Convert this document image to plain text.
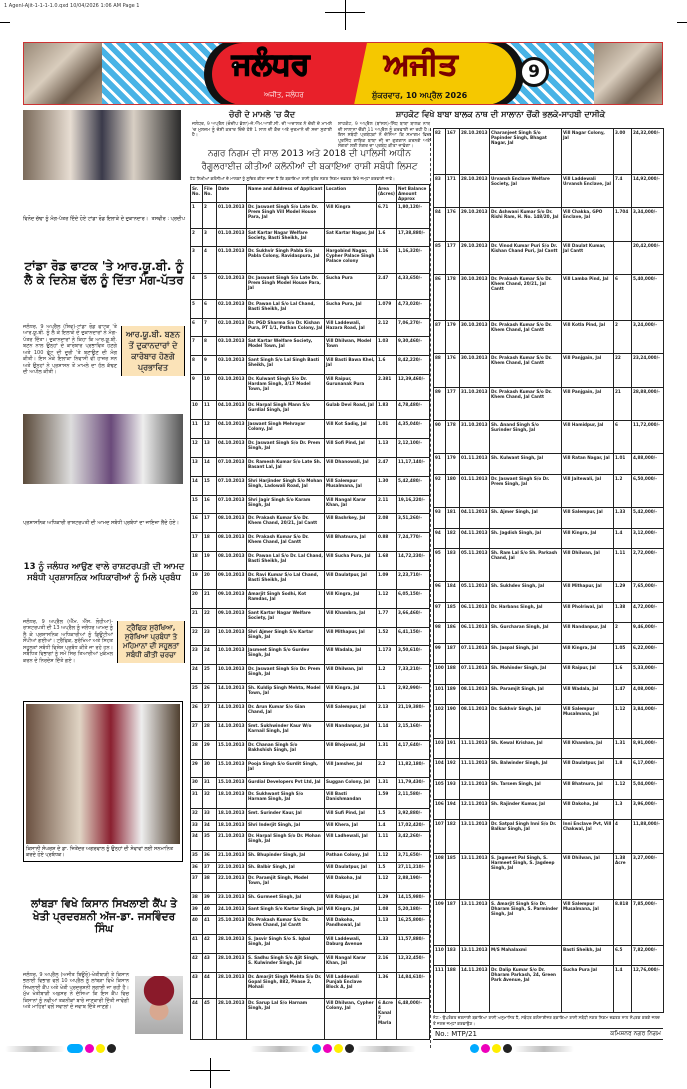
1 Agenl-Ajit-1-1-1-1.0.qxd 10/04/2026 1:06 AM Page 1
ਜਲੰਧਰ ਅਜੀਤ
ਅਜੀਤ, ਜਲੰਧਰ	ਸ਼ੁੱਕਰਵਾਰ, 10 ਅਪ੍ਰੈਲ 2026
9
ਵਿਨੋਦ ਚੱਢਾ ਨੂੰ ਮੰਗ-ਪੱਤਰ ਦਿੰਦੇ ਹੋਏ ਟਾਂਡਾ ਰੋਡ ਇਲਾਕੇ ਦੇ ਦੁਕਾਨਦਾਰ। ਤਸਵੀਰ : ਪ੍ਰਦੀਪ
ਟਾਂਡਾ ਰੋਡ ਫਾਟਕ 'ਤੇ ਆਰ.ਯੂ.ਬੀ. ਨੂੰ ਲੈ ਕੇ ਦਿਨੇਸ਼ ਢੱਲ ਨੂੰ ਦਿੱਤਾ ਮੰਗ-ਪੱਤਰ
ਆਰ.ਯੂ.ਬੀ. ਬਣਨ ਤੋਂ ਦੁਕਾਨਦਾਰਾਂ ਦੇ ਕਾਰੋਬਾਰ ਹੋਣਗੇ ਪ੍ਰਭਾਵਿਤ
ਜਲੰਧਰ, 9 ਅਪ੍ਰੈਲ (ਸ਼ਿਵ)-ਟਾਂਡਾ ਰੋਡ ਫਾਟਕ 'ਤੇ ਆਰ.ਯੂ.ਬੀ. ਨੂੰ ਲੈ ਕੇ ਇਲਾਕੇ ਦੇ ਦੁਕਾਨਦਾਰਾਂ ਨੇ ਮੰਗ-ਪੱਤਰ ਦਿੱਤਾ। ਦੁਕਾਨਦਾਰਾਂ ਨੇ ਕਿਹਾ ਕਿ ਆਰ.ਯੂ.ਬੀ. ਬਣਨ ਨਾਲ ਉਨ੍ਹਾਂ ਦੇ ਕਾਰੋਬਾਰ ਪ੍ਰਭਾਵਿਤ ਹੋਣਗੇ ਅਤੇ 100 ਫੁੱਟ ਦੀ ਦੂਰੀ 'ਤੇ ਬਣਾਉਣ ਦੀ ਮੰਗ ਕੀਤੀ। ਇਸ ਮੌਕੇ ਇਲਾਕਾ ਨਿਵਾਸੀ ਵੀ ਹਾਜ਼ਰ ਸਨ ਅਤੇ ਉਨ੍ਹਾਂ ਨੇ ਪ੍ਰਸ਼ਾਸਨ ਤੋਂ ਮਾਮਲੇ ਦਾ ਹੱਲ ਕੱਢਣ ਦੀ ਅਪੀਲ ਕੀਤੀ।
ਪ੍ਰਸ਼ਾਸਨਿਕ ਅਧਿਕਾਰੀ ਰਾਸ਼ਟਰਪਤੀ ਦੀ ਆਮਦ ਸਬੰਧੀ ਪ੍ਰਬੰਧਾਂ ਦਾ ਜਾਇਜ਼ਾ ਲੈਂਦੇ ਹੋਏ।
13 ਨੂੰ ਜਲੰਧਰ ਆਉਣ ਵਾਲੇ ਰਾਸ਼ਟਰਪਤੀ ਦੀ ਆਮਦ ਸਬੰਧੀ ਪ੍ਰਸ਼ਾਸਨਿਕ ਅਧਿਕਾਰੀਆਂ ਨੂੰ ਮਿਲੇ ਪ੍ਰਬੰਧ
ਟ੍ਰੈਫਿਕ ਸੁਰੱਖਿਆ, ਸੁਰੱਖਿਆ ਪ੍ਰਬੰਧਾਂ ਤੇ ਮਹਿਮਾਨਾਂ ਦੀ ਸਹੂਲਤਾਂ ਸਬੰਧੀ ਕੀਤੀ ਚਰਚਾ
ਜਲੰਧਰ, 9 ਅਪ੍ਰੈਲ (ਐੱਮ. ਐੱਸ. ਲੋਹੀਆ)-ਰਾਸ਼ਟਰਪਤੀ ਦੀ 13 ਅਪ੍ਰੈਲ ਨੂੰ ਜਲੰਧਰ ਆਮਦ ਨੂੰ ਲੈ ਕੇ ਪ੍ਰਸ਼ਾਸਨਿਕ ਅਧਿਕਾਰੀਆਂ ਨੂੰ ਡਿਊਟੀਆਂ ਸੌਂਪੀਆਂ ਗਈਆਂ। ਟ੍ਰੈਫਿਕ, ਸੁਰੱਖਿਆ ਅਤੇ ਸਿਹਤ ਸਹੂਲਤਾਂ ਸਬੰਧੀ ਵਿਸ਼ੇਸ਼ ਪ੍ਰਬੰਧ ਕੀਤੇ ਜਾ ਰਹੇ ਹਨ। ਸਬੰਧਿਤ ਵਿਭਾਗਾਂ ਨੂੰ ਸਮੇਂ ਸਿਰ ਤਿਆਰੀਆਂ ਮੁਕੰਮਲ ਕਰਨ ਦੇ ਨਿਰਦੇਸ਼ ਦਿੱਤੇ ਗਏ।
ਕਿਸਾਨੀ ਸੰਘਰਸ਼ ਦੇ ਡਾ. ਜਿਤੇਂਦਰ ਅਗਰਵਾਲ ਨੂੰ ਉਨ੍ਹਾਂ ਦੀ ਸੇਵਾਵਾਂ ਲਈ ਸਨਮਾਨਿਤ ਕਰਦੇ ਹੋਏ ਪ੍ਰਬੰਧਕ।
ਲਾਂਬੜਾ ਵਿਖੇ ਕਿਸਾਨ ਸਿਖਲਾਈ ਕੈਂਪ ਤੇ ਖੇਤੀ ਪ੍ਰਦਰਸ਼ਨੀ ਅੱਜ-ਡਾ. ਜਸਵਿੰਦਰ ਸਿੰਘ
ਜਲੰਧਰ, 9 ਅਪ੍ਰੈਲ (ਅਜੀਤ ਬਿਊਰੋ)-ਖੇਤੀਬਾੜੀ ਤੇ ਕਿਸਾਨ ਭਲਾਈ ਵਿਭਾਗ ਵਲੋਂ 10 ਅਪ੍ਰੈਲ ਨੂੰ ਲਾਂਬੜਾ ਵਿਖੇ ਕਿਸਾਨ ਸਿਖਲਾਈ ਕੈਂਪ ਅਤੇ ਖੇਤੀ ਪ੍ਰਦਰਸ਼ਨੀ ਲਗਾਈ ਜਾ ਰਹੀ ਹੈ। ਮੁੱਖ ਖੇਤੀਬਾੜੀ ਅਫ਼ਸਰ ਨੇ ਦੱਸਿਆ ਕਿ ਇਸ ਕੈਂਪ ਵਿਚ ਕਿਸਾਨਾਂ ਨੂੰ ਨਵੀਆਂ ਤਕਨੀਕਾਂ ਬਾਰੇ ਜਾਣਕਾਰੀ ਦਿੱਤੀ ਜਾਵੇਗੀ ਅਤੇ ਮਾਹਿਰਾਂ ਵਲੋਂ ਸਵਾਲਾਂ ਦੇ ਜਵਾਬ ਦਿੱਤੇ ਜਾਣਗੇ।
ਚੋਰੀ ਦੇ ਮਾਮਲੇ 'ਚ ਕੈਦ
ਜਲੰਧਰ, 9 ਅਪ੍ਰੈਲ (ਚੰਦੀਪ ਭੱਲਾ)-ਜੇ.ਐੱਮ.ਆਈ.ਸੀ. ਦੀ ਅਦਾਲਤ ਨੇ ਚੋਰੀ ਦੇ ਮਾਮਲੇ 'ਚ ਮੁਲਜ਼ਮ ਨੂੰ ਦੋਸ਼ੀ ਕਰਾਰ ਦਿੰਦੇ ਹੋਏ 1 ਸਾਲ ਦੀ ਕੈਦ ਅਤੇ ਜੁਰਮਾਨੇ ਦੀ ਸਜ਼ਾ ਸੁਣਾਈ ਹੈ।
ਸ਼ਾਹਕੋਟ ਵਿਖੇ ਬਾਬਾ ਬਾਲਕ ਨਾਥ ਦੀ ਸਾਲਾਨਾ ਚੌਂਕੀ ਭਲਕੇ-ਸਾਹਬੀ ਦਾਸੀਕੇ
ਸ਼ਾਹਕੋਟ, 9 ਅਪ੍ਰੈਲ (ਬਾਂਸਲ)-ਸਿੱਧ ਬਾਬਾ ਬਾਲਕ ਨਾਥ ਦੀ ਸਾਲਾਨਾ ਚੌਂਕੀ 11 ਅਪ੍ਰੈਲ ਨੂੰ ਕਰਵਾਈ ਜਾ ਰਹੀ ਹੈ। ਇਸ ਸਬੰਧੀ ਪ੍ਰਬੰਧਕਾਂ ਨੇ ਦੱਸਿਆ ਕਿ ਸਮਾਗਮ ਵਿਚ ਪ੍ਰਸਿੱਧ ਗਾਇਕ ਬਾਬਾ ਜੀ ਦਾ ਗੁਣਗਾਨ ਕਰਨਗੇ ਅਤੇ ਸੰਗਤਾਂ ਲਈ ਲੰਗਰ ਦਾ ਪ੍ਰਬੰਧ ਕੀਤਾ ਜਾਵੇਗਾ।
ਨਗਰ ਨਿਗਮ ਦੀ ਸਾਲ 2013 ਅਤੇ 2018 ਦੀ ਪਾਲਿਸੀ ਅਧੀਨ
ਰੈਗੂਲਰਾਈਜ਼ ਕੀਤੀਆਂ ਕਲੋਨੀਆਂ ਦੀ ਬਕਾਇਆ ਰਾਸ਼ੀ ਸਬੰਧੀ ਲਿਸਟ
ਹੇਠ ਲਿਖੀਆਂ ਕਲੋਨੀਆਂ ਦੇ ਮਾਲਕਾਂ ਨੂੰ ਸੂਚਿਤ ਕੀਤਾ ਜਾਂਦਾ ਹੈ ਕਿ ਬਕਾਇਆ ਰਾਸ਼ੀ ਤੁਰੰਤ ਨਗਰ ਨਿਗਮ ਦਫ਼ਤਰ ਵਿਖੇ ਜਮ੍ਹਾਂ ਕਰਵਾਈ ਜਾਵੇ।
Sr. No.	File No.	Date	Name and Address of Applicant	Location	Area (Acres)	Net Balance Amount Approx
1	2	01.10.2013	Dr. Jaswant Singh S/o Late Dr. Prem Singh Vill Model House Para, Jal	Vill Kingra	6.71	1,80,120/-
2	3	01.10.2013	Sat Kartar Nagar Welfare Society, Basti Sheikh, Jal	Sat Kartar Nagar, Jal	1.6	17,38,880/-
3	4	01.10.2013	Dr. Sukhvir Singh Pabla S/o Pabla Colony, Ravidaspura, Jal	Hargobind Nagar, Cypher Palace Singh Palace colony	1.16	1,16,320/-
4	5	02.10.2013	Dr. Jaswant Singh S/o Late Dr. Prem Singh Model House Para, Jal	Sucha Pura	2.47	4,33,650/-
5	6	02.10.2013	Dr. Pawan Lal S/o Lal Chand, Basti Sheikh, Jal	Sucha Pura, Jal	1.079	4,73,020/-
6	7	02.10.2013	Dr. PGD Sharma S/o Dr. Kishan Pura, PT 1/1, Pathan Colony, Jal	Vill Laddewali, Hazara Road, Jal	2.12	7,06,270/-
7	8	03.10.2013	Sat Kartar Welfare Society, Model Town, Jal	Vill Dhilwan, Model Town	1.03	9,30,460/-
8	9	03.10.2013	Sant Singh S/o Lal Singh Basti Sheikh, Jal	Vill Basti Bawa Khel, Jal	1.6	8,42,220/-
9	10	03.10.2013	Dr. Kulwant Singh S/o Dr. Hardam Singh, 3/17 Model Town, Jal	Vill Raipur, Gurunanak Pura	2.381	12,39,460/-
10	11	04.10.2013	Dr. Harpal Singh Mann S/o Gurdial Singh, Jal	Gulab Devi Road, Jal	1.83	4,78,480/-
11	12	04.10.2013	Jaswant Singh Mehrayar Colony, Jal	Vill Kot Sadiq, Jal	1.01	4,35,040/-
12	13	04.10.2013	Dr. Jaswant Singh S/o Dr. Prem Singh, Jal	Vill Sofi Pind, Jal	1.13	2,12,100/-
13	14	07.10.2013	Dr. Ramesh Kumar S/o Late Sh. Basant Lal, Jal	Vill Dhanowali, Jal	2.47	11,17,140/-
14	15	07.10.2013	Shri Harjinder Singh S/o Mohan Singh, Ladowali Road, Jal	Vill Salempur Musalmana, Jal	1.30	5,42,480/-
15	16	07.10.2013	Shri Jagir Singh S/o Karam Singh, Jal	Vill Nangal Karar Khan, Jal	2.11	19,16,220/-
16	17	08.10.2013	Dr. Prakash Kumar S/o Dr. Khem Chand, 20/21, Jal Cantt	Vill Bashrkey, Jal	2.08	3,51,260/-
17	18	08.10.2013	Dr. Prakash Kumar S/o Dr. Khem Chand, Jal Cantt	Vill Bhatnura, Jal	0.88	7,24,770/-
18	19	08.10.2013	Dr. Pawan Lal S/o Dr. Lal Chand, Basti Sheikh, Jal	Vill Sucha Pura, Jal	1.68	14,72,230/-
19	20	09.10.2013	Dr. Ravi Kumar S/o Lal Chand, Basti Sheikh, Jal	Vill Daulatpur, Jal	1.09	2,23,710/-
20	21	09.10.2013	Amarjit Singh Sodhi, Kot Ramdas, Jal	Vill Kingra, Jal	1.12	6,05,150/-
21	22	09.10.2013	Sant Kartar Nagar Welfare Society, Jal	Vill Khambra, Jal	1.77	3,66,460/-
22	23	10.10.2013	Shri Ajmer Singh S/o Kartar Singh, Jal	Vill Mithapur, Jal	1.52	6,41,150/-
23	24	10.10.2013	Jasmeet Singh S/o Gurdev Singh, Jal	Vill Wadala, Jal	1.173	3,50,610/-
24	25	10.10.2013	Dr. Jaswant Singh S/o Dr. Prem Singh, Jal	Vill Dhilwan, Jal	1.2	7,33,210/-
25	26	14.10.2013	Sh. Kuldip Singh Mehta, Model Town, Jal	Vill Kingra, Jal	1.1	2,92,990/-
26	27	14.10.2013	Dr. Arun Kumar S/o Gian Chand, Jal	Vill Salempur, Jal	2.13	21,19,380/-
27	28	14.10.2013	Smt. Sukhwinder Kaur W/o Karnail Singh, Jal	Vill Nandanpur, Jal	1.14	2,15,160/-
28	29	15.10.2013	Dr. Chanan Singh S/o Bakhshish Singh, Jal	Vill Bhojowal, Jal	1.31	4,17,640/-
29	30	15.10.2013	Pooja Singh S/o Gurdit Singh, Jal	Vill Jamsher, Jal	2.2	11,82,180/-
30	31	15.10.2013	Gurdial Developers Pvt Ltd, Jal	Suggan Colony, Jal	1.31	11,79,430/-
31	32	18.10.2013	Dr. Sukhwant Singh S/o Harnam Singh, Jal	Vill Basti Danishmandan	1.59	2,11,580/-
32	33	18.10.2013	Smt. Surinder Kaur, Jal	Vill Sufi Pind, Jal	1.5	3,92,880/-
33	34	18.10.2013	Shri Inderjit Singh, Jal	Vill Khera, Jal	1.4	17,02,420/-
34	35	21.10.2013	Dr. Harpal Singh S/o Dr. Mohan Singh, Jal	Vill Ladhewali, Jal	1.11	3,42,260/-
35	36	21.10.2013	Sh. Bhupinder Singh, Jal	Pathan Colony, Jal	1.12	3,71,650/-
36	37	22.10.2013	Sh. Balbir Singh, Jal	Vill Daulatpur, Jal	1.5	27,11,210/-
37	38	22.10.2013	Dr. Paramjit Singh, Model Town, Jal	Vill Dakoha, Jal	1.12	2,88,190/-
38	39	23.10.2013	Sh. Gurmeet Singh, Jal	Vill Raipur, Jal	1.29	14,15,980/-
39	40	24.10.2013	Sant Singh S/o Kartar Singh, Jal	Vill Kingra, Jal	1.08	5,20,180/-
40	41	25.10.2013	Dr. Prakash Kumar S/o Dr. Khem Chand, Jal Cantt	Vill Dakoha, Pandhowal, Jal	1.13	16,25,800/-
41	42	28.10.2013	S. Jasvir Singh S/o S. Iqbal Singh, Jal	Vill Laddewali, Daburg Avenue	1.33	11,57,880/-
42	43	28.10.2013	S. Sadhu Singh S/o Ajit Singh, S. Kulwinder Singh, Jal	Vill Nangal Karar Khan, Jal	2.16	12,32,450/-
43	44	28.10.2013	Dr. Amarjit Singh Mehta S/o Dr. Gopal Singh, 882, Phase 2, Mohali	Vill Laddewali Punjab Enclave Block A, Jal	1.36	14,84,610/-
44	45	28.10.2013	Dr. Sarup Lal S/o Harnam Singh, Jal	Vill Dhilwan, Cypher Colony, Jal	6 Acre 4 Kanal 7 Marla	6,48,000/-
82	167	28.10.2013	Charanjeet Singh S/o Papinder Singh, Bhagat Nagar, Jal	Vill Nagar Colony, Jal	3.00	24,32,000/-
83	171	28.10.2013	Urvansh Enclave Welfare Society, Jal	Vill Laddewali Urvansh Enclave, Jal	7.4	14,92,000/-
84	176	29.10.2013	Dr. Ashwani Kumar S/o Dr. Rishi Ram, H. No. 148/20, Jal	Vill Chakka, GPO Enclave, Jal	1.704	3,34,000/-
85	177	29.10.2013	Dr. Vinod Kumar Puri S/o Dr. Kishan Chand Puri, Jal Cantt	Vill Daulat Kumar, Jal Cantt		20,42,000/-
86	178	30.10.2013	Dr. Prakash Kumar S/o Dr. Khem Chand, 20/21, Jal Cantt	Vill Lamba Pind, Jal	6	5,40,000/-
87	179	30.10.2013	Dr. Prakash Kumar S/o Dr. Khem Chand, Jal Cantt	Vill Kotla Pind, Jal	2	3,24,000/-
88	176	30.10.2013	Dr. Prakash Kumar S/o Dr. Khem Chand, Jal Cantt	Vill Panjgain, Jal	22	23,24,000/-
89	177	31.10.2013	Dr. Prakash Kumar S/o Dr. Khem Chand, Jal Cantt	Vill Panjgain, Jal	21	28,88,000/-
90	178	31.10.2013	Sh. Anand Singh S/o Surinder Singh, Jal	Vill Hamidpur, Jal	6	11,72,000/-
91	179	01.11.2013	Sh. Kulwant Singh, Jal	Vill Ratan Nagar, Jal	1.01	4,88,000/-
92	180	01.11.2013	Dr. Jaswant Singh S/o Dr. Prem Singh, Jal	Vill Jaitewali, Jal	1.2	6,50,000/-
93	181	04.11.2013	Sh. Ajmer Singh, Jal	Vill Salempur, Jal	1.33	5,42,000/-
94	182	04.11.2013	Sh. Jagdish Singh, Jal	Vill Kingra, Jal	1.4	3,12,000/-
95	183	05.11.2013	Sh. Ram Lal S/o Sh. Parkash Chand, Jal	Vill Dhilwan, Jal	1.11	2,72,000/-
96	184	05.11.2013	Sh. Sukhdev Singh, Jal	Vill Mithapur, Jal	1.29	7,65,000/-
97	185	06.11.2013	Dr. Harbans Singh, Jal	Vill Pholriwal, Jal	1.38	4,72,000/-
98	186	06.11.2013	Sh. Gurcharan Singh, Jal	Vill Nandanpur, Jal	2	9,46,000/-
99	187	07.11.2013	Sh. Jaspal Singh, Jal	Vill Kingra, Jal	1.05	6,22,000/-
100	188	07.11.2013	Sh. Mohinder Singh, Jal	Vill Raipur, Jal	1.6	5,33,000/-
101	189	08.11.2013	Sh. Paramjit Singh, Jal	Vill Wadala, Jal	1.47	4,08,000/-
102	190	08.11.2013	Dr. Sukhvir Singh, Jal	Vill Salempur Musalmana, Jal	1.12	3,84,000/-
103	191	11.11.2013	Sh. Kewal Krishan, Jal	Vill Khambra, Jal	1.31	8,91,000/-
104	192	11.11.2013	Sh. Balwinder Singh, Jal	Vill Daulatpur, Jal	1.8	6,17,000/-
105	193	12.11.2013	Sh. Tarsem Singh, Jal	Vill Bhatnura, Jal	1.12	5,04,000/-
106	194	12.11.2013	Sh. Rajinder Kumar, Jal	Vill Dakoha, Jal	1.3	3,96,000/-
107	182	13.11.2013	Dr. Satpal Singh Inni S/o Dr. Balkar Singh, Jal	Inni Enclave Pvt, Vill Chakwal, Jal	4	11,88,000/-
108	185	13.11.2013	S. Jagmeet Pal Singh, S. Harmeet Singh, S. Jagdeep Singh, Jal	Vill Dhilwan, Jal	1.38 Acre	3,27,000/-
109	187	13.11.2013	S. Amarjit Singh S/o Dr. Dharam Singh, S. Parminder Singh, Jal	Vill Salempur Musalmana, Jal	8.818	7,85,000/-
110	183	13.11.2013	M/S Mahalaxmi	Basti Sheikh, Jal	6.5	7,82,000/-
111	188	14.11.2013	Dr. Dalip Kumar S/o Dr. Dharam Parkash, 24, Green Park Avenue, Jal	Sucha Pura Jal	1.4	12,76,000/-
ਨੋਟ:- ਉਪਰੋਕਤ ਦਰਸਾਈ ਬਕਾਇਆ ਰਾਸ਼ੀ ਅਨੁਮਾਨਿਤ ਹੈ, ਸਬੰਧਤ ਕਲੋਨਾਈਜ਼ਰ ਬਕਾਇਆ ਰਾਸ਼ੀ ਸਬੰਧੀ ਨਗਰ ਨਿਗਮ ਦਫ਼ਤਰ ਨਾਲ ਸੰਪਰਕ ਕਰਕੇ ਜਲਦ ਤੋਂ ਜਲਦ ਜਮ੍ਹਾਂ ਕਰਵਾਉਣ।
No.: MTP/21	ਕਮਿਸ਼ਨਰ ਨਗਰ ਨਿਗਮ
